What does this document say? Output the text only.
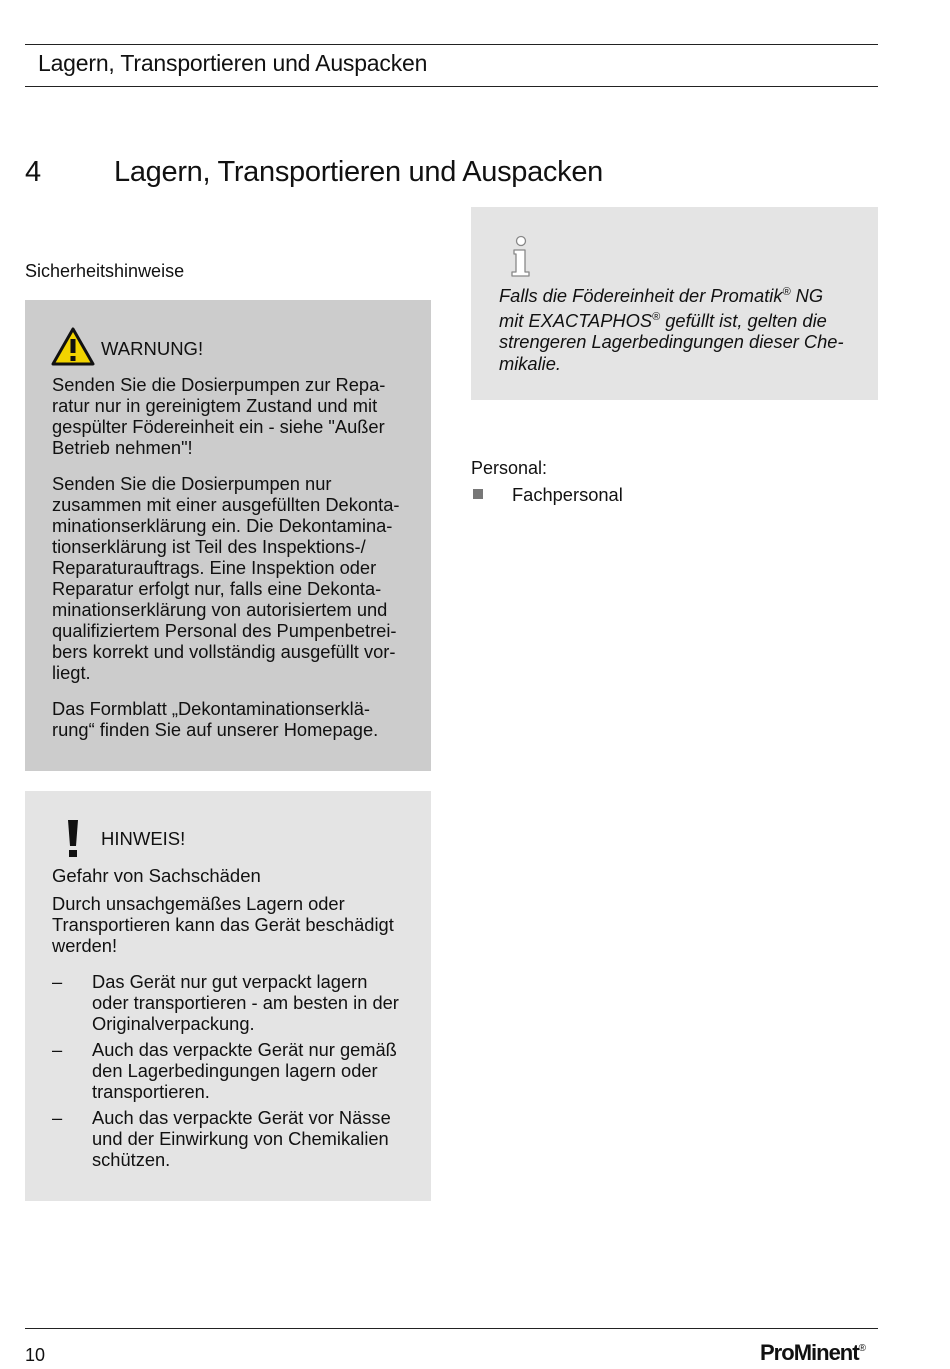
Lagern, Transportieren und Auspacken
4	Lagern, Transportieren und Auspacken
Sicherheitshinweise
WARNUNG!
Senden Sie die Dosierpumpen zur Repa-
ratur nur in gereinigtem Zustand und mit
gespülter Födereinheit ein - siehe "Außer
Betrieb nehmen"!
Senden Sie die Dosierpumpen nur
zusammen mit einer ausgefüllten Dekonta-
minationserklärung ein. Die Dekontamina-
tionserklärung ist Teil des Inspektions-/
Reparaturauftrags. Eine Inspektion oder
Reparatur erfolgt nur, falls eine Dekonta-
minationserklärung von autorisiertem und
qualifiziertem Personal des Pumpenbetrei-
bers korrekt und vollständig ausgefüllt vor-
liegt.
Das Formblatt „Dekontaminationserklä-
rung“ finden Sie auf unserer Homepage.
HINWEIS!
Gefahr von Sachschäden
Durch unsachgemäßes Lagern oder
Transportieren kann das Gerät beschädigt
werden!
– Das Gerät nur gut verpackt lagern
oder transportieren - am besten in der
Originalverpackung.
– Auch das verpackte Gerät nur gemäß
den Lagerbedingungen lagern oder
transportieren.
– Auch das verpackte Gerät vor Nässe
und der Einwirkung von Chemikalien
schützen.
Falls die Födereinheit der Promatik® NG
mit EXACTAPHOS® gefüllt ist, gelten die
strengeren Lagerbedingungen dieser Che-
mikalie.
Personal:
Fachpersonal
10	ProMinent®
